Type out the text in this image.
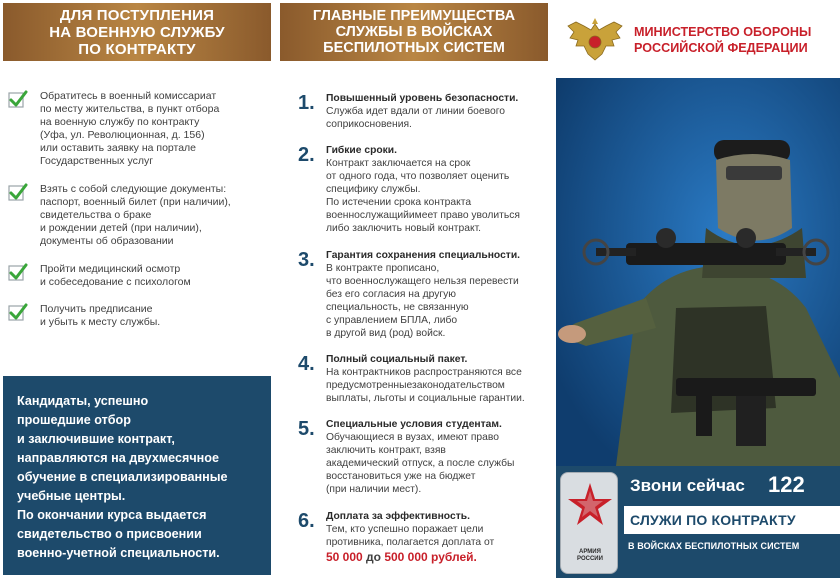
ДЛЯ ПОСТУПЛЕНИЯ
НА ВОЕННУЮ СЛУЖБУ
ПО КОНТРАКТУ
Обратитесь в военный комиссариат
по месту жительства, в пункт отбора
на военную службу по контракту
(Уфа, ул. Революционная, д. 156)
или оставить заявку на портале
Государственных услуг
Взять с собой следующие документы:
паспорт, военный билет (при наличии),
свидетельства о браке
и рождении детей (при наличии),
документы об образовании
Пройти медицинский осмотр
и собеседование с психологом
Получить предписание
и убыть к месту службы.

Кандидаты, успешно
прошедшие отбор
и заключившие контракт,
направляются на двухмесячное
обучение в специализированные
учебные центры.
По окончании курса выдается
свидетельство о присвоении
военно-учетной специальности.

ГЛАВНЫЕ ПРЕИМУЩЕСТВА
СЛУЖБЫ В ВОЙСКАХ
БЕСПИЛОТНЫХ СИСТЕМ
1.	Повышенный уровень безопасности.
Служба идет вдали от линии боевого
соприкосновения.
2.	Гибкие сроки.
Контракт заключается на срок
от одного года, что позволяет оценить
специфику службы.
По истечении срока контракта
военнослужащийимеет право уволиться
либо заключить новый контракт.
3.	Гарантия сохранения специальности.
В контракте прописано,
что военнослужащего нельзя перевести
без его согласия на другую
специальность, не связанную
с управлением БПЛА, либо
в другой вид (род) войск.
4.	Полный социальный пакет.
На контрактников распространяются все
предусмотренныезаконодательством
выплаты, льготы и социальные гарантии.
5.	Специальные условия студентам.
Обучающиеся в вузах, имеют право
заключить контракт, взяв
академический отпуск, а после службы
восстановиться уже на бюджет
(при наличии мест).
6.	Доплата за эффективность.
Тем, кто успешно поражает цели
противника, полагается доплата от
50 000 до 500 000 рублей.
МИНИСТЕРСТВО ОБОРОНЫ
РОССИЙСКОЙ ФЕДЕРАЦИИ
АРМИЯ
РОССИИ
Звони сейчас 122
СЛУЖИ ПО КОНТРАКТУ
В ВОЙСКАХ БЕСПИЛОТНЫХ СИСТЕМ
